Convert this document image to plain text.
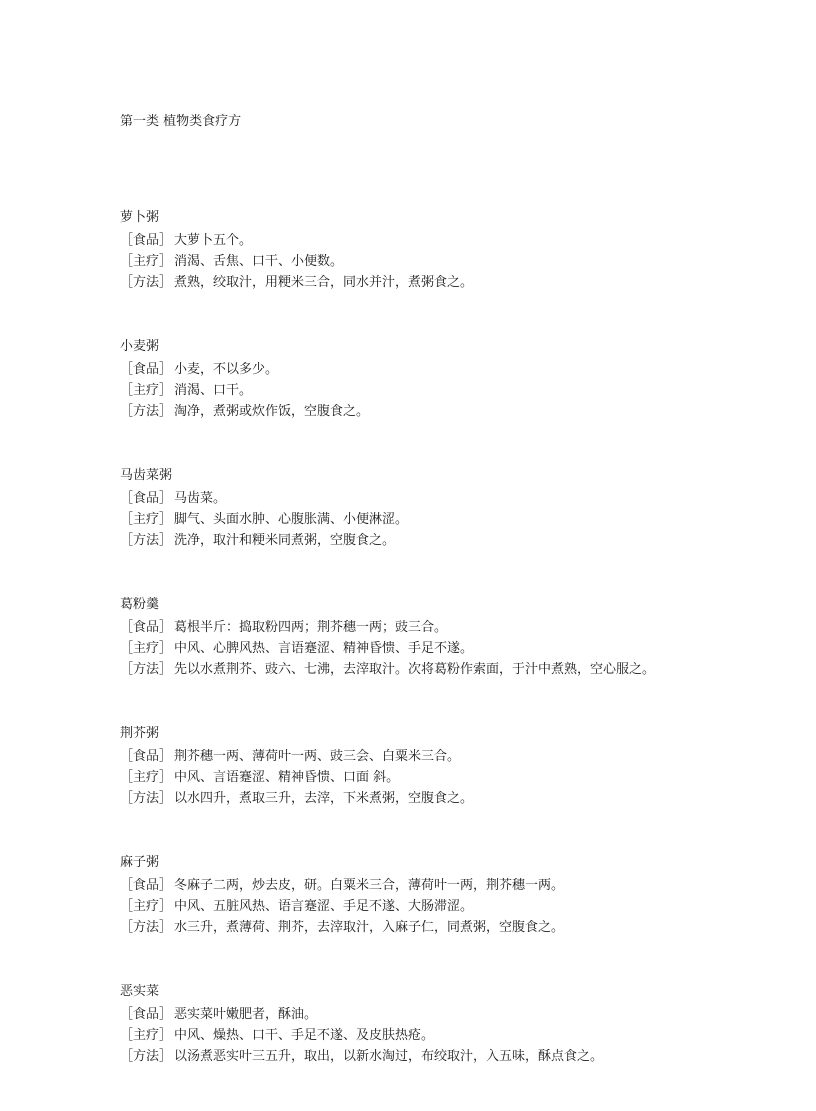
第一类 植物类食疗方
萝卜粥
［食品］ 大萝卜五个。
［主疗］ 消渴、舌焦、口干、小便数。
［方法］ 煮熟，绞取汁，用粳米三合，同水并汁，煮粥食之。
小麦粥
［食品］ 小麦，不以多少。
［主疗］ 消渴、口干。
［方法］ 淘净，煮粥或炊作饭，空腹食之。
马齿菜粥
［食品］ 马齿菜。
［主疗］ 脚气、头面水肿、心腹胀满、小便淋涩。
［方法］ 洗净，取汁和粳米同煮粥，空腹食之。
葛粉羹
［食品］ 葛根半斤：捣取粉四两；荆芥穗一两；豉三合。
［主疗］ 中风、心脾风热、言语蹇涩、精神昏愦、手足不遂。
［方法］ 先以水煮荆芥、豉六、七沸，去滓取汁。次将葛粉作索面，于汁中煮熟，空心服之。
荆芥粥
［食品］ 荆芥穗一两、薄荷叶一两、豉三会、白粟米三合。
［主疗］ 中风、言语蹇涩、精神昏愦、口面 斜。
［方法］ 以水四升，煮取三升，去滓，下米煮粥，空腹食之。
麻子粥
［食品］ 冬麻子二两，炒去皮，研。白粟米三合，薄荷叶一两，荆芥穗一两。
［主疗］ 中风、五脏风热、语言蹇涩、手足不遂、大肠滞涩。
［方法］ 水三升，煮薄荷、荆芥，去滓取汁，入麻子仁，同煮粥，空腹食之。
恶实菜
［食品］ 恶实菜叶嫩肥者，酥油。
［主疗］ 中风、燥热、口干、手足不遂、及皮肤热疮。
［方法］ 以汤煮恶实叶三五升，取出，以新水淘过，布绞取汁，入五味，酥点食之。
